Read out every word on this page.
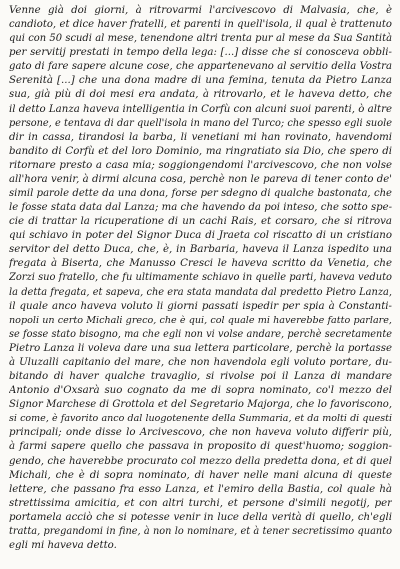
Venne già doi giorni, à ritrovarmi l'arcivescovo di Malvasia, che, è
candioto, et dice haver fratelli, et parenti in quell'isola, il qual è trattenuto
qui con 50 scudi al mese, tenendone altri trenta pur al mese da Sua Santità
per servitij prestati in tempo della lega: [...] disse che si conosceva obbli-
gato di fare sapere alcune cose, che appartenevano al servitio della Vostra
Serenità [...] che una dona madre di una femina, tenuta da Pietro Lanza
sua, già più di doi mesi era andata, à ritrovarlo, et le haveva detto, che
il detto Lanza haveva intelligentia in Corfù con alcuni suoi parenti, ò altre
persone, e tentava di dar quell'isola in mano del Turco; che spesso egli suole
dir in cassa, tirandosi la barba, li venetiani mi han rovinato, havendomi
bandito di Corfù et del loro Dominio, ma ringratiato sia Dio, che spero di
ritornare presto a casa mia; soggiongendomi l'arcivescovo, che non volse
all'hora venir, à dirmi alcuna cosa, perchè non le pareva di tener conto de'
simil parole dette da una dona, forse per sdegno di qualche bastonata, che
le fosse stata data dal Lanza; ma che havendo da poi inteso, che sotto spe-
cie di trattar la ricuperatione di un cachi Rais, et corsaro, che si ritrova
qui schiavo in poter del Signor Duca di Jraeta col riscatto di un cristiano
servitor del detto Duca, che, è, in Barbaria, haveva il Lanza ispedito una
fregata à Biserta, che Manusso Cresci le haveva scritto da Venetia, che
Zorzi suo fratello, che fu ultimamente schiavo in quelle parti, haveva veduto
la detta fregata, et sapeva, che era stata mandata dal predetto Pietro Lanza,
il quale anco haveva voluto li giorni passati ispedir per spia à Constanti-
nopoli un certo Michali greco, che è qui, col quale mi haverebbe fatto parlare,
se fosse stato bisogno, ma che egli non vi volse andare, perchè secretamente
Pietro Lanza li voleva dare una sua lettera particolare, perchè la portasse
à Uluzalli capitanio del mare, che non havendola egli voluto portare, du-
bitando di haver qualche travaglio, si rivolse poi il Lanza di mandare
Antonio d'Oxsarà suo cognato da me di sopra nominato, co'l mezzo del
Signor Marchese di Grottola et del Segretario Majorga, che lo favoriscono,
si come, è favorito anco dal luogotenente della Summaria, et da molti di questi
principali; onde disse lo Arcivescovo, che non haveva voluto differir più,
à farmi sapere quello che passava in proposito di quest'huomo; soggion-
gendo, che haverebbe procurato col mezzo della predetta dona, et di quel
Michali, che è di sopra nominato, di haver nelle mani alcuna di queste
lettere, che passano fra esso Lanza, et l'emiro della Bastia, col quale hà
strettissima amicitia, et con altri turchi, et persone d'simili negotij, per
portamela acciò che si potesse venir in luce della verità di quello, ch'egli
tratta, pregandomi in fine, à non lo nominare, et à tener secretissimo quanto
egli mi haveva detto.
